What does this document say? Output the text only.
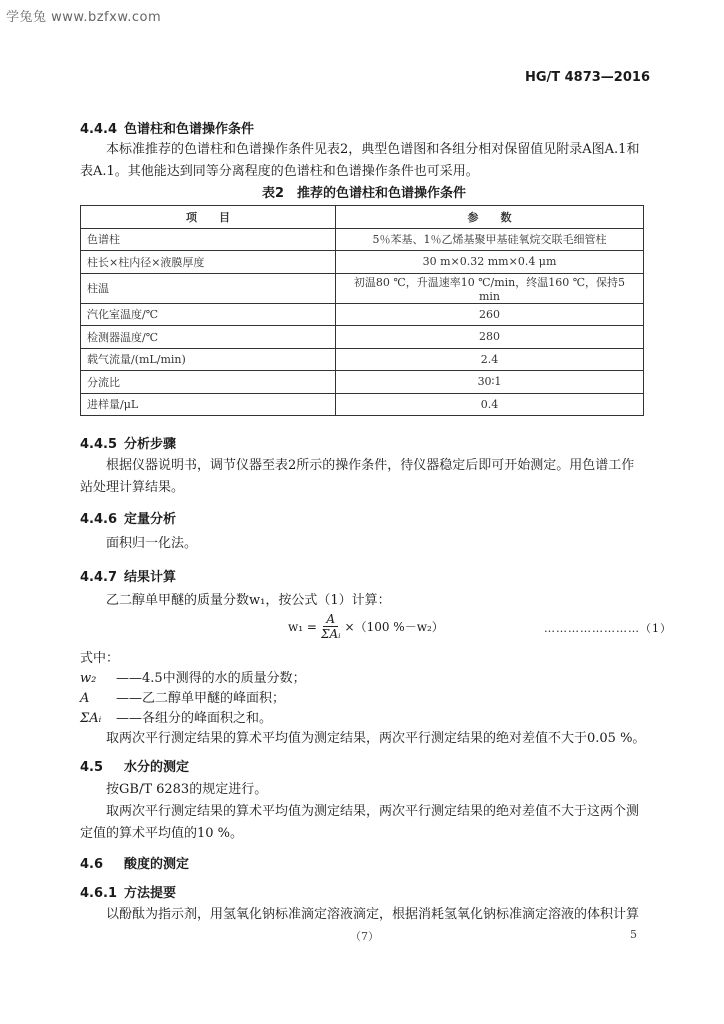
学兔兔 www.bzfxw.com
HG/T 4873—2016
4.4.4 色谱柱和色谱操作条件
本标准推荐的色谱柱和色谱操作条件见表2，典型色谱图和各组分相对保留值见附录A图A.1和表A.1。其他能达到同等分离程度的色谱柱和色谱操作条件也可采用。
表2　推荐的色谱柱和色谱操作条件
项　　目	参　　数
色谱柱	5％苯基、1％乙烯基聚甲基硅氧烷交联毛细管柱
柱长×柱内径×液膜厚度	30 m×0.32 mm×0.4 μm
柱温	初温80 ℃，升温速率10 ℃/min，终温160 ℃，保持5 min
汽化室温度/℃	260
检测器温度/℃	280
载气流量/(mL/min)	2.4
分流比	30∶1
进样量/μL	0.4
4.4.5 分析步骤
根据仪器说明书，调节仪器至表2所示的操作条件，待仪器稳定后即可开始测定。用色谱工作站处理计算结果。
4.4.6 定量分析
面积归一化法。
4.4.7 结果计算
乙二醇单甲醚的质量分数w₁，按公式（1）计算：
$w_1 = \frac{A}{\text{ΣAᵢ}} \times(100$ %－w₂）	……………………（1）
式中：
w₂ ——4.5中测得的水的质量分数；
A ——乙二醇单甲醚的峰面积；
ΣAᵢ ——各组分的峰面积之和。
取两次平行测定结果的算术平均值为测定结果，两次平行测定结果的绝对差值不大于0.05 %。
4.5 水分的测定
按GB/T 6283的规定进行。
取两次平行测定结果的算术平均值为测定结果，两次平行测定结果的绝对差值不大于这两个测定值的算术平均值的10 %。
4.6 酸度的测定
4.6.1 方法提要
以酚酞为指示剂，用氢氧化钠标准滴定溶液滴定，根据消耗氢氧化钠标准滴定溶液的体积计算
（7）	5
